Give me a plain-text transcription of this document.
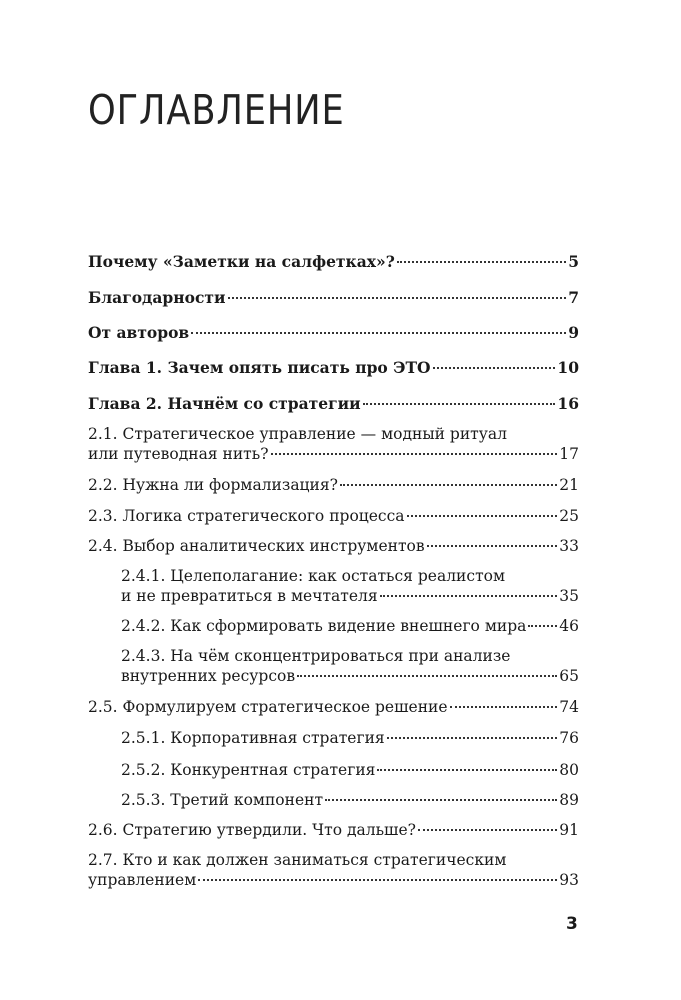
ОГЛАВЛЕНИЕ
Почему «Заметки на салфетках»?	5
Благодарности	7
От авторов	9
Глава 1. Зачем опять писать про ЭТО	10
Глава 2. Начнём со стратегии	16
2.1. Стратегическое управление — модный ритуал
или путеводная нить?	17
2.2. Нужна ли формализация?	21
2.3. Логика стратегического процесса	25
2.4. Выбор аналитических инструментов	33
2.4.1. Целеполагание: как остаться реалистом
и не превратиться в мечтателя	35
2.4.2. Как сформировать видение внешнего мира 46
2.4.3. На чём сконцентрироваться при анализе
внутренних ресурсов	65
2.5. Формулируем стратегическое решение	74
2.5.1. Корпоративная стратегия	76
2.5.2. Конкурентная стратегия	80
2.5.3. Третий компонент	89
2.6. Стратегию утвердили. Что дальше?	91
2.7. Кто и как должен заниматься стратегическим
управлением	93
3
